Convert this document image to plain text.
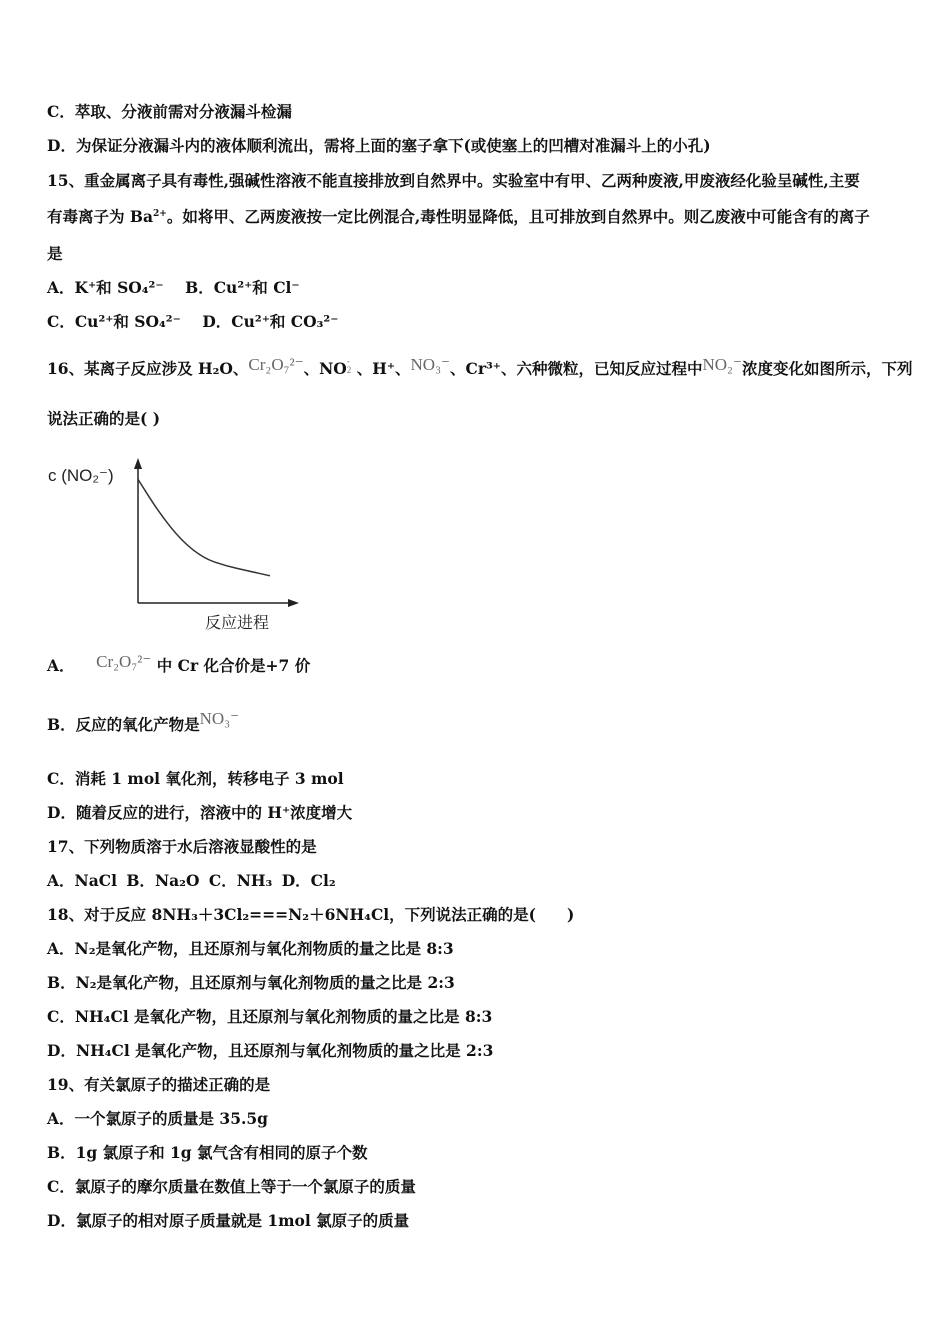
C．萃取、分液前需对分液漏斗检漏
D．为保证分液漏斗内的液体顺利流出，需将上面的塞子拿下(或使塞上的凹槽对准漏斗上的小孔)
15、重金属离子具有毒性,强碱性溶液不能直接排放到自然界中。实验室中有甲、乙两种废液,甲废液经化验呈碱性,主要
有毒离子为 $Ba^{2+}$。如将甲、乙两废液按一定比例混合,毒性明显降低，且可排放到自然界中。则乙废液中可能含有的离子
是
A．K⁺和 SO₄²⁻ B．Cu²⁺和 Cl⁻
C．Cu²⁺和 SO₄²⁻ D．Cu²⁺和 CO₃²⁻
16、某离子反应涉及 H₂O、Cr₂O₇²⁻、NO-
2 、H⁺、NO₃⁻、Cr³⁺、六种微粒，已知反应过程中NO₂⁻浓度变化如图所示，下列
说法正确的是( )
c (NO₂⁻)
反应进程
A． Cr₂O₇²⁻ 中 Cr 化合价是+7 价
B．反应的氧化产物是NO₃⁻
C．消耗 1 mol 氧化剂，转移电子 3 mol
D．随着反应的进行，溶液中的 H⁺浓度增大
17、下列物质溶于水后溶液显酸性的是
A．NaCl B．Na₂O C．NH₃ D．Cl₂
18、对于反应 8NH₃＋3Cl₂===N₂＋6NH₄Cl，下列说法正确的是(　　)
A．N₂是氧化产物，且还原剂与氧化剂物质的量之比是 8:3
B．N₂是氧化产物，且还原剂与氧化剂物质的量之比是 2:3
C．NH₄Cl 是氧化产物，且还原剂与氧化剂物质的量之比是 8:3
D．NH₄Cl 是氧化产物，且还原剂与氧化剂物质的量之比是 2:3
19、有关氯原子的描述正确的是
A．一个氯原子的质量是 35.5g
B．1g 氯原子和 1g 氯气含有相同的原子个数
C．氯原子的摩尔质量在数值上等于一个氯原子的质量
D．氯原子的相对原子质量就是 1mol 氯原子的质量
